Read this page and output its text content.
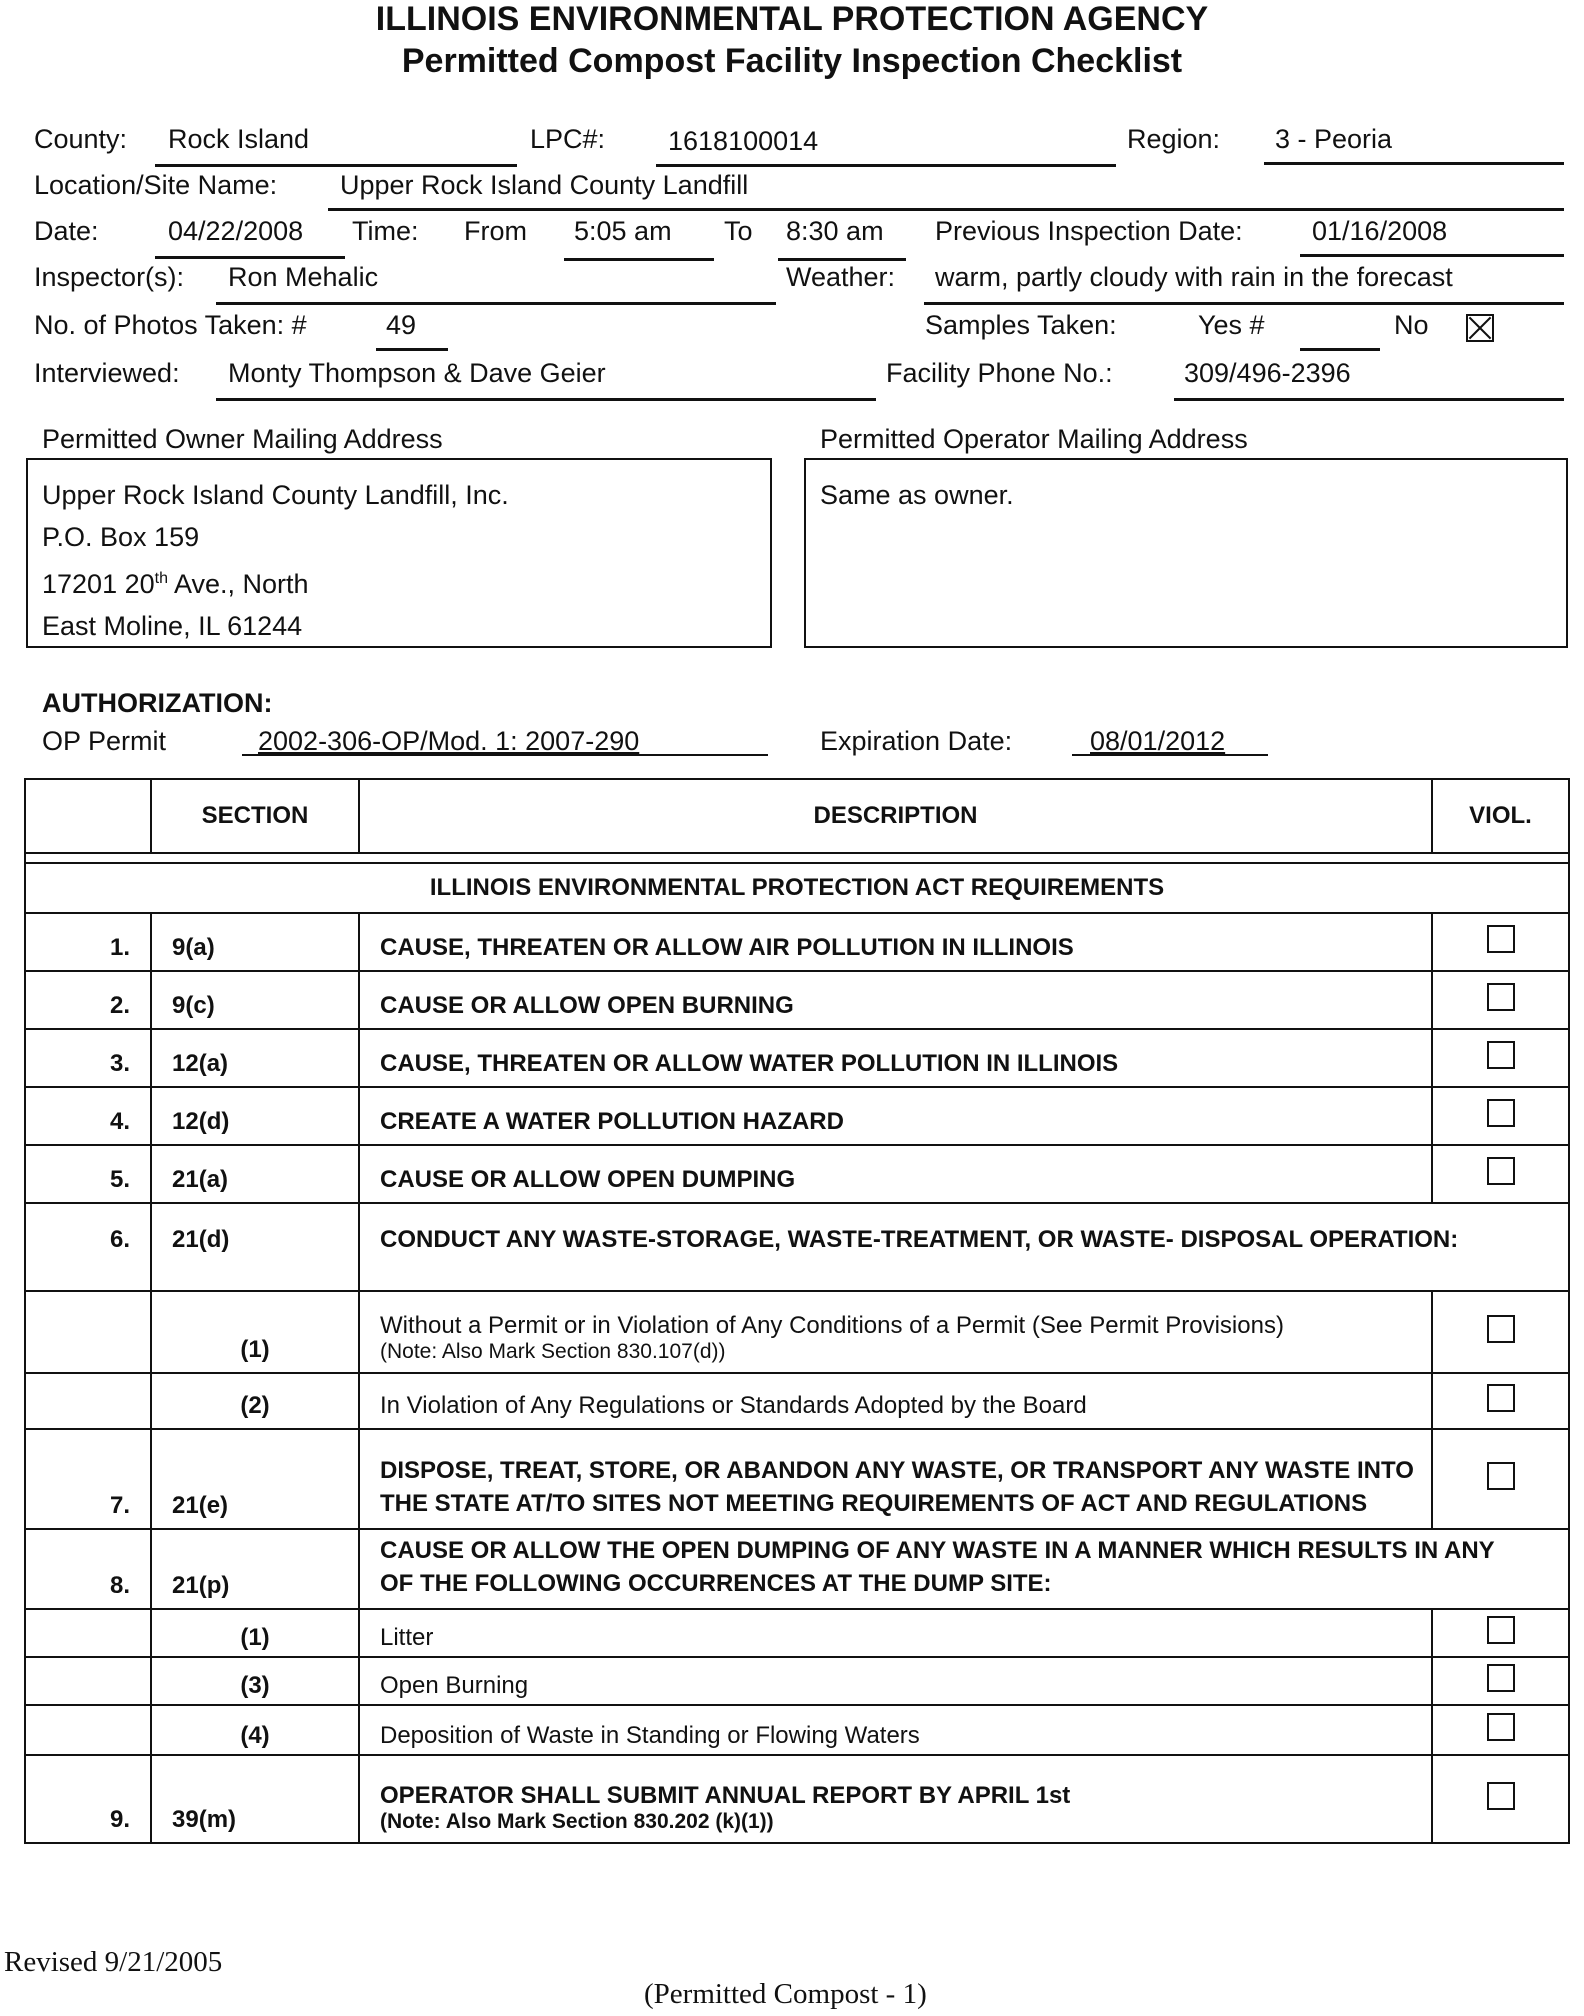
ILLINOIS ENVIRONMENTAL PROTECTION AGENCY
Permitted Compost Facility Inspection Checklist
County: Rock Island	LPC#: 1618100014	Region: 3 - Peoria
Location/Site Name: Upper Rock Island County Landfill
Date:	04/22/2008 Time: From 5:05 am To 8:30 am Previous Inspection Date:	01/16/2008
Inspector(s): Ron Mehalic	Weather: warm, partly cloudy with rain in the forecast
No. of Photos Taken: #	49	Samples Taken:	Yes #	No
Interviewed: Monty Thompson & Dave Geier	Facility Phone No.:	309/496-2396
Permitted Owner Mailing Address
Upper Rock Island County Landfill, Inc.
P.O. Box 159
17201 20th Ave., North
East Moline, IL 61244
Permitted Operator Mailing Address
Same as owner.
AUTHORIZATION:
OP Permit	2002-306-OP/Mod. 1: 2007-290	Expiration Date:	08/01/2012
	SECTION	DESCRIPTION	VIOL.

ILLINOIS ENVIRONMENTAL PROTECTION ACT REQUIREMENTS			
1.	9(a)	CAUSE, THREATEN OR ALLOW AIR POLLUTION IN ILLINOIS	
2.	9(c)	CAUSE OR ALLOW OPEN BURNING	
3.	12(a)	CAUSE, THREATEN OR ALLOW WATER POLLUTION IN ILLINOIS	
4.	12(d)	CREATE A WATER POLLUTION HAZARD	
5.	21(a)	CAUSE OR ALLOW OPEN DUMPING	
6.	21(d)	CONDUCT ANY WASTE-STORAGE, WASTE-TREATMENT, OR WASTE- DISPOSAL OPERATION:	
	(1)	Without a Permit or in Violation of Any Conditions of a Permit (See Permit Provisions)
(Note: Also Mark Section 830.107(d))	

	(2)	In Violation of Any Regulations or Standards Adopted by the Board	
7.	21(e)	DISPOSE, TREAT, STORE, OR ABANDON ANY WASTE, OR TRANSPORT ANY WASTE INTO THE STATE AT/TO SITES NOT MEETING REQUIREMENTS OF ACT AND REGULATIONS	
8.	21(p)	CAUSE OR ALLOW THE OPEN DUMPING OF ANY WASTE IN A MANNER WHICH RESULTS IN ANY OF THE FOLLOWING OCCURRENCES AT THE DUMP SITE:	
	(1)	Litter	
	(3)	Open Burning	
	(4)	Deposition of Waste in Standing or Flowing Waters	
9.	39(m)	OPERATOR SHALL SUBMIT ANNUAL REPORT BY APRIL 1st
(Note: Also Mark Section 830.202 (k)(1))	

Revised 9/21/2005
(Permitted Compost - 1)
